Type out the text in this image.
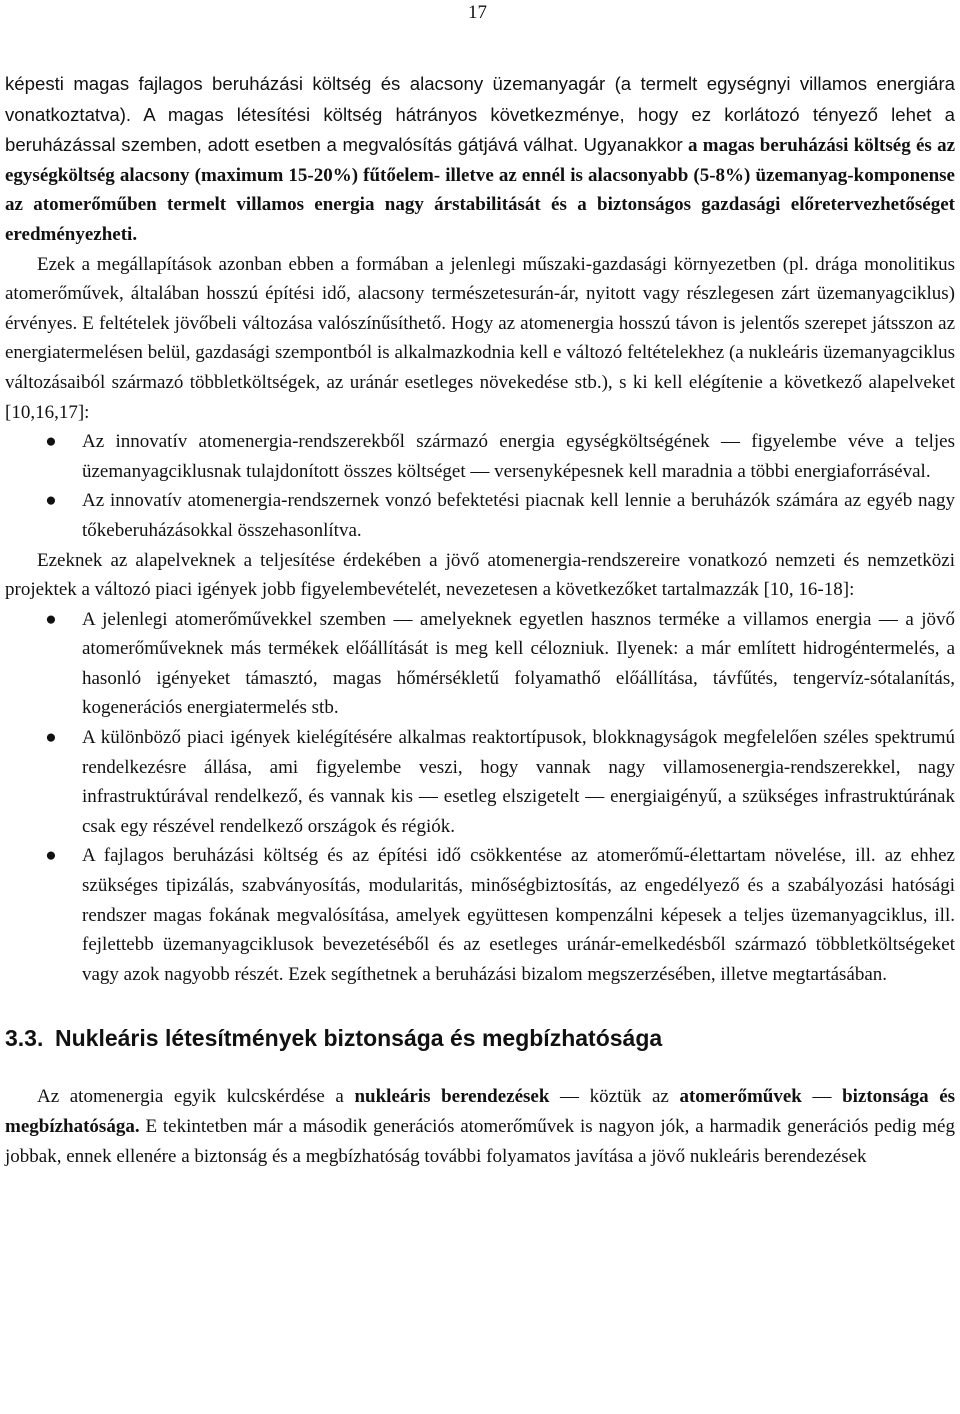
17

képesti magas fajlagos beruházási költség és alacsony üzemanyagár (a termelt egységnyi villamos energiára vonatkoztatva). A magas létesítési költség hátrányos következménye, hogy ez korlátozó tényező lehet a beruházással szemben, adott esetben a megvalósítás gátjává válhat. Ugyanakkor a magas beruházási költség és az egységköltség alacsony (maximum 15-20%) fűtőelem- illetve az ennél is alacsonyabb (5-8%) üzemanyag-komponense az atomerőműben termelt villamos energia nagy árstabilitását és a biztonságos gazdasági előretervezhetőséget eredményezheti.

Ezek a megállapítások azonban ebben a formában a jelenlegi műszaki-gazdasági környezetben (pl. drága monolitikus atomerőművek, általában hosszú építési idő, alacsony természetesurán-ár, nyitott vagy részlegesen zárt üzemanyagciklus) érvényes. E feltételek jövőbeli változása valószínűsíthető. Hogy az atomenergia hosszú távon is jelentős szerepet játsszon az energiatermelésen belül, gazdasági szempontból is alkalmazkodnia kell e változó feltételekhez (a nukleáris üzemanyagciklus változásaiból származó többletköltségek, az uránár esetleges növekedése stb.), s ki kell elégítenie a következő alapelveket [10,16,17]:

● Az innovatív atomenergia-rendszerekből származó energia egységköltségének — figyelembe véve a teljes üzemanyagciklusnak tulajdonított összes költséget — versenyképesnek kell maradnia a többi energiaforráséval.
● Az innovatív atomenergia-rendszernek vonzó befektetési piacnak kell lennie a beruházók számára az egyéb nagy tőkeberuházásokkal összehasonlítva.

Ezeknek az alapelveknek a teljesítése érdekében a jövő atomenergia-rendszereire vonatkozó nemzeti és nemzetközi projektek a változó piaci igények jobb figyelembevételét, nevezetesen a következőket tartalmazzák [10, 16-18]:

● A jelenlegi atomerőművekkel szemben — amelyeknek egyetlen hasznos terméke a villamos energia — a jövő atomerőműveknek más termékek előállítását is meg kell célozniuk. Ilyenek: a már említett hidrogéntermelés, a hasonló igényeket támasztó, magas hőmérsékletű folyamathő előállítása, távfűtés, tengervíz-sótalanítás, kogenerációs energiatermelés stb.
● A különböző piaci igények kielégítésére alkalmas reaktortípusok, blokknagyságok megfelelően széles spektrumú rendelkezésre állása, ami figyelembe veszi, hogy vannak nagy villamosenergia-rendszerekkel, nagy infrastruktúrával rendelkező, és vannak kis — esetleg elszigetelt — energiaigényű, a szükséges infrastruktúrának csak egy részével rendelkező országok és régiók.
● A fajlagos beruházási költség és az építési idő csökkentése az atomerőmű-élettartam növelése, ill. az ehhez szükséges tipizálás, szabványosítás, modularitás, minőségbiztosítás, az engedélyező és a szabályozási hatósági rendszer magas fokának megvalósítása, amelyek együttesen kompenzálni képesek a teljes üzemanyagciklus, ill. fejlettebb üzemanyagciklusok bevezetéséből és az esetleges uránár-emelkedésből származó többletköltségeket vagy azok nagyobb részét. Ezek segíthetnek a beruházási bizalom megszerzésében, illetve megtartásában.
3.3. Nukleáris létesítmények biztonsága és megbízhatósága

Az atomenergia egyik kulcskérdése a nukleáris berendezések — köztük az atomerőművek — biztonsága és megbízhatósága. E tekintetben már a második generációs atomerőművek is nagyon jók, a harmadik generációs pedig még jobbak, ennek ellenére a biztonság és a megbízhatóság további folyamatos javítása a jövő nukleáris berendezések
